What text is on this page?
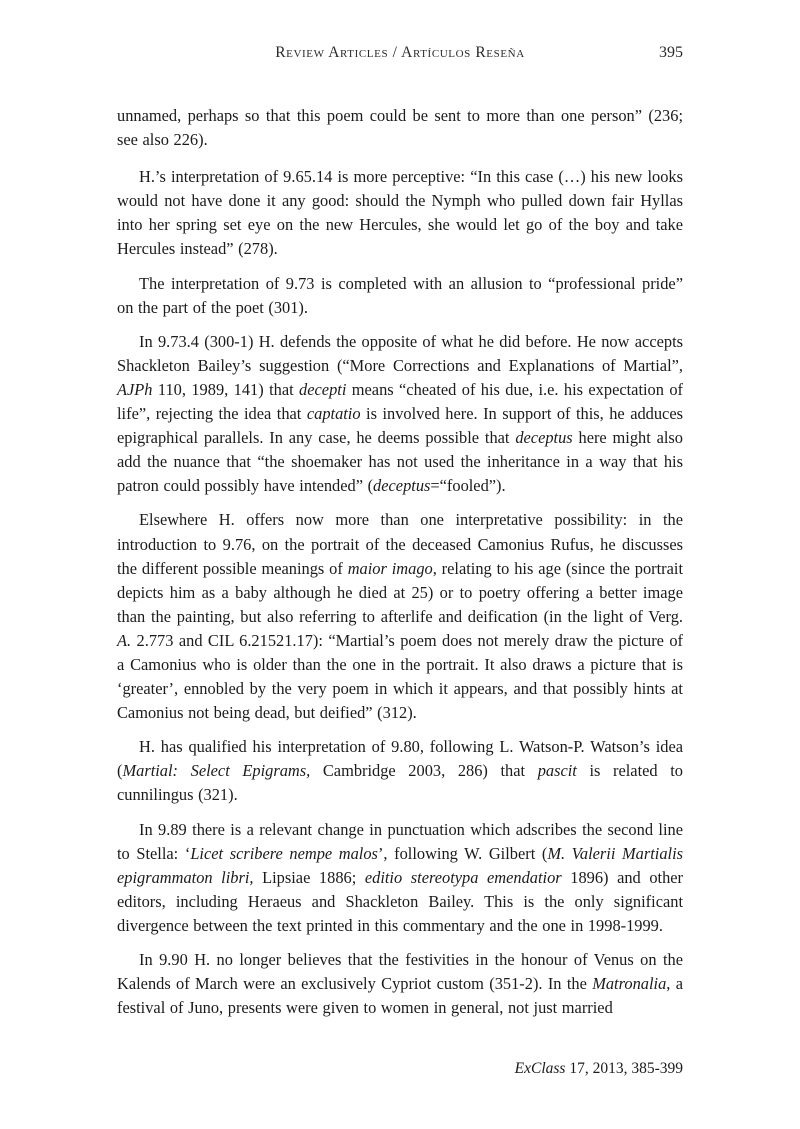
Review Articles / Artículos Reseña	395

unnamed, perhaps so that this poem could be sent to more than one person” (236; see also 226).

H.’s interpretation of 9.65.14 is more perceptive: “In this case (…) his new looks would not have done it any good: should the Nymph who pulled down fair Hyllas into her spring set eye on the new Hercules, she would let go of the boy and take Hercules instead” (278).

The interpretation of 9.73 is completed with an allusion to “professional pride” on the part of the poet (301).

In 9.73.4 (300-1) H. defends the opposite of what he did before. He now accepts Shackleton Bailey’s suggestion (“More Corrections and Explanations of Martial”, AJPh 110, 1989, 141) that decepti means “cheated of his due, i.e. his expectation of life”, rejecting the idea that captatio is involved here. In support of this, he adduces epigraphical parallels. In any case, he deems possible that deceptus here might also add the nuance that “the shoemaker has not used the inheritance in a way that his patron could possibly have intended” (deceptus=“fooled”).

Elsewhere H. offers now more than one interpretative possibility: in the introduction to 9.76, on the portrait of the deceased Camonius Rufus, he discusses the different possible meanings of maior imago, relating to his age (since the portrait depicts him as a baby although he died at 25) or to poetry offering a better image than the painting, but also referring to afterlife and deification (in the light of Verg. A. 2.773 and CIL 6.21521.17): “Martial’s poem does not merely draw the picture of a Camonius who is older than the one in the portrait. It also draws a picture that is ‘greater’, ennobled by the very poem in which it appears, and that possibly hints at Camonius not being dead, but deified” (312).

H. has qualified his interpretation of 9.80, following L. Watson-P. Watson’s idea (Martial: Select Epigrams, Cambridge 2003, 286) that pascit is related to cunnilingus (321).

In 9.89 there is a relevant change in punctuation which adscribes the second line to Stella: ‘Licet scribere nempe malos’, following W. Gilbert (M. Valerii Martialis epigrammaton libri, Lipsiae 1886; editio stereotypa emendatior 1896) and other editors, including Heraeus and Shackleton Bailey. This is the only significant divergence between the text printed in this commentary and the one in 1998-1999.

In 9.90 H. no longer believes that the festivities in the honour of Venus on the Kalends of March were an exclusively Cypriot custom (351-2). In the Matronalia, a festival of Juno, presents were given to women in general, not just married

ExClass 17, 2013, 385-399
